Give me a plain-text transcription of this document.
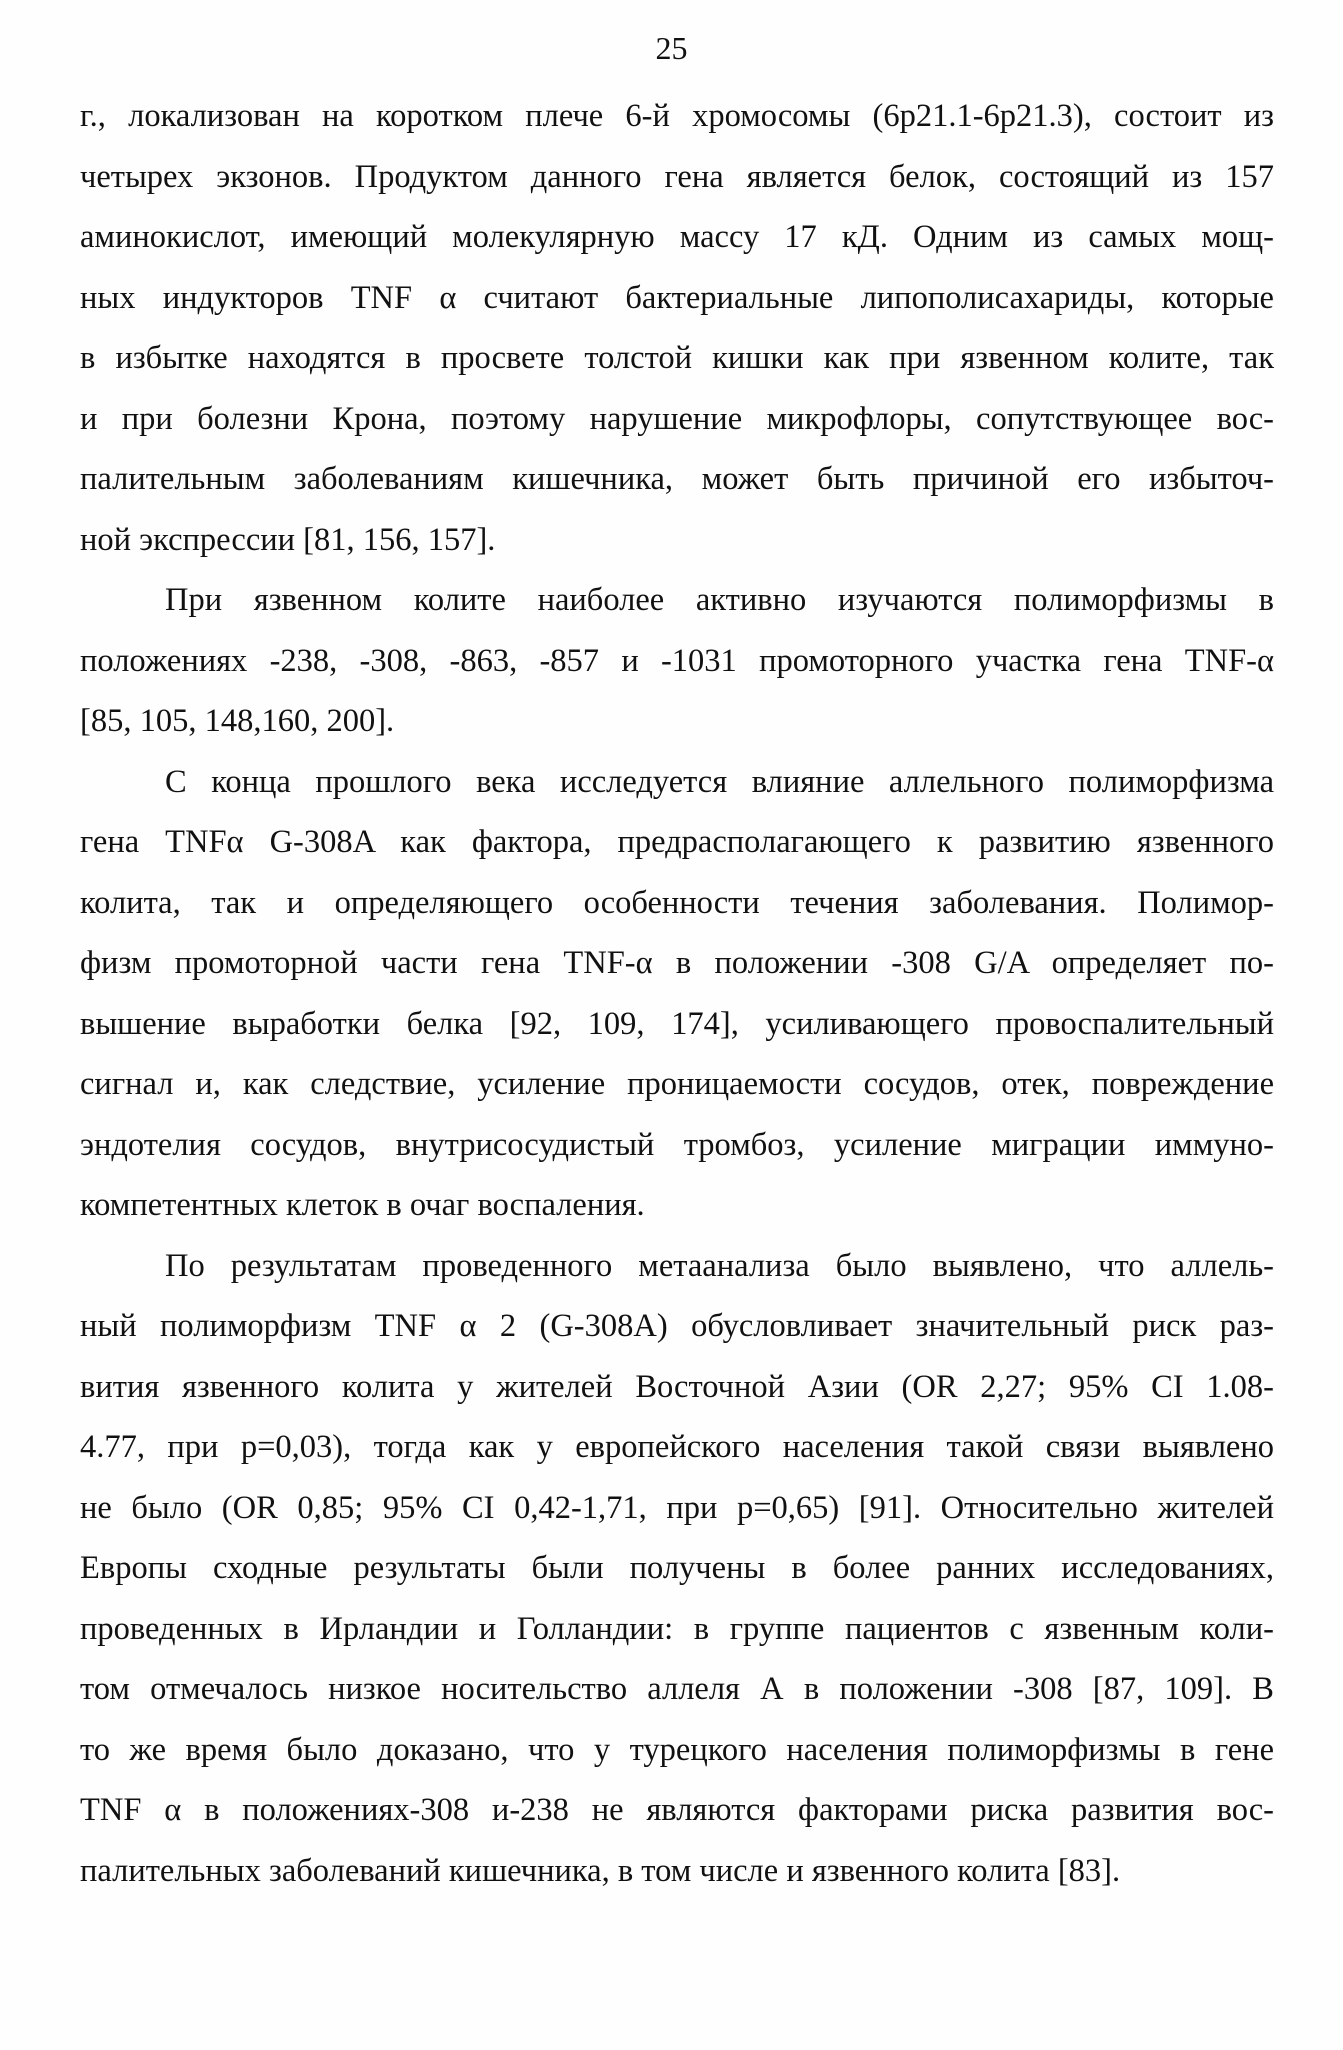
25
г., локализован на коротком плече 6-й хромосомы (6p21.1-6p21.3), состоит из
четырех экзонов. Продуктом данного гена является белок, состоящий из 157
аминокислот, имеющий молекулярную массу 17 кД. Одним из самых мощ-
ных индукторов TNF α считают бактериальные липополисахариды, которые
в избытке находятся в просвете толстой кишки как при язвенном колите, так
и при болезни Крона, поэтому нарушение микрофлоры, сопутствующее вос-
палительным заболеваниям кишечника, может быть причиной его избыточ-
ной экспрессии [81, 156, 157].
При язвенном колите наиболее активно изучаются полиморфизмы в
положениях -238, -308, -863, -857 и -1031 промоторного участка гена TNF-α
[85, 105, 148,160, 200].
С конца прошлого века исследуется влияние аллельного полиморфизма
гена TNFα G-308A как фактора, предрасполагающего к развитию язвенного
колита, так и определяющего особенности течения заболевания. Полимор-
физм промоторной части гена TNF-α в положении -308 G/A определяет по-
вышение выработки белка [92, 109, 174], усиливающего провоспалительный
сигнал и, как следствие, усиление проницаемости сосудов, отек, повреждение
эндотелия сосудов, внутрисосудистый тромбоз, усиление миграции иммуно-
компетентных клеток в очаг воспаления.
По результатам проведенного метаанализа было выявлено, что аллель-
ный полиморфизм TNF α 2 (G-308A) обусловливает значительный риск раз-
вития язвенного колита у жителей Восточной Азии (OR 2,27; 95% CI 1.08-
4.77, при р=0,03), тогда как у европейского населения такой связи выявлено
не было (OR 0,85; 95% CI 0,42-1,71, при р=0,65) [91]. Относительно жителей
Европы сходные результаты были получены в более ранних исследованиях,
проведенных в Ирландии и Голландии: в группе пациентов с язвенным коли-
том отмечалось низкое носительство аллеля А в положении -308 [87, 109]. В
то же время было доказано, что у турецкого населения полиморфизмы в гене
TNF α в положениях-308 и-238 не являются факторами риска развития вос-
палительных заболеваний кишечника, в том числе и язвенного колита [83].
